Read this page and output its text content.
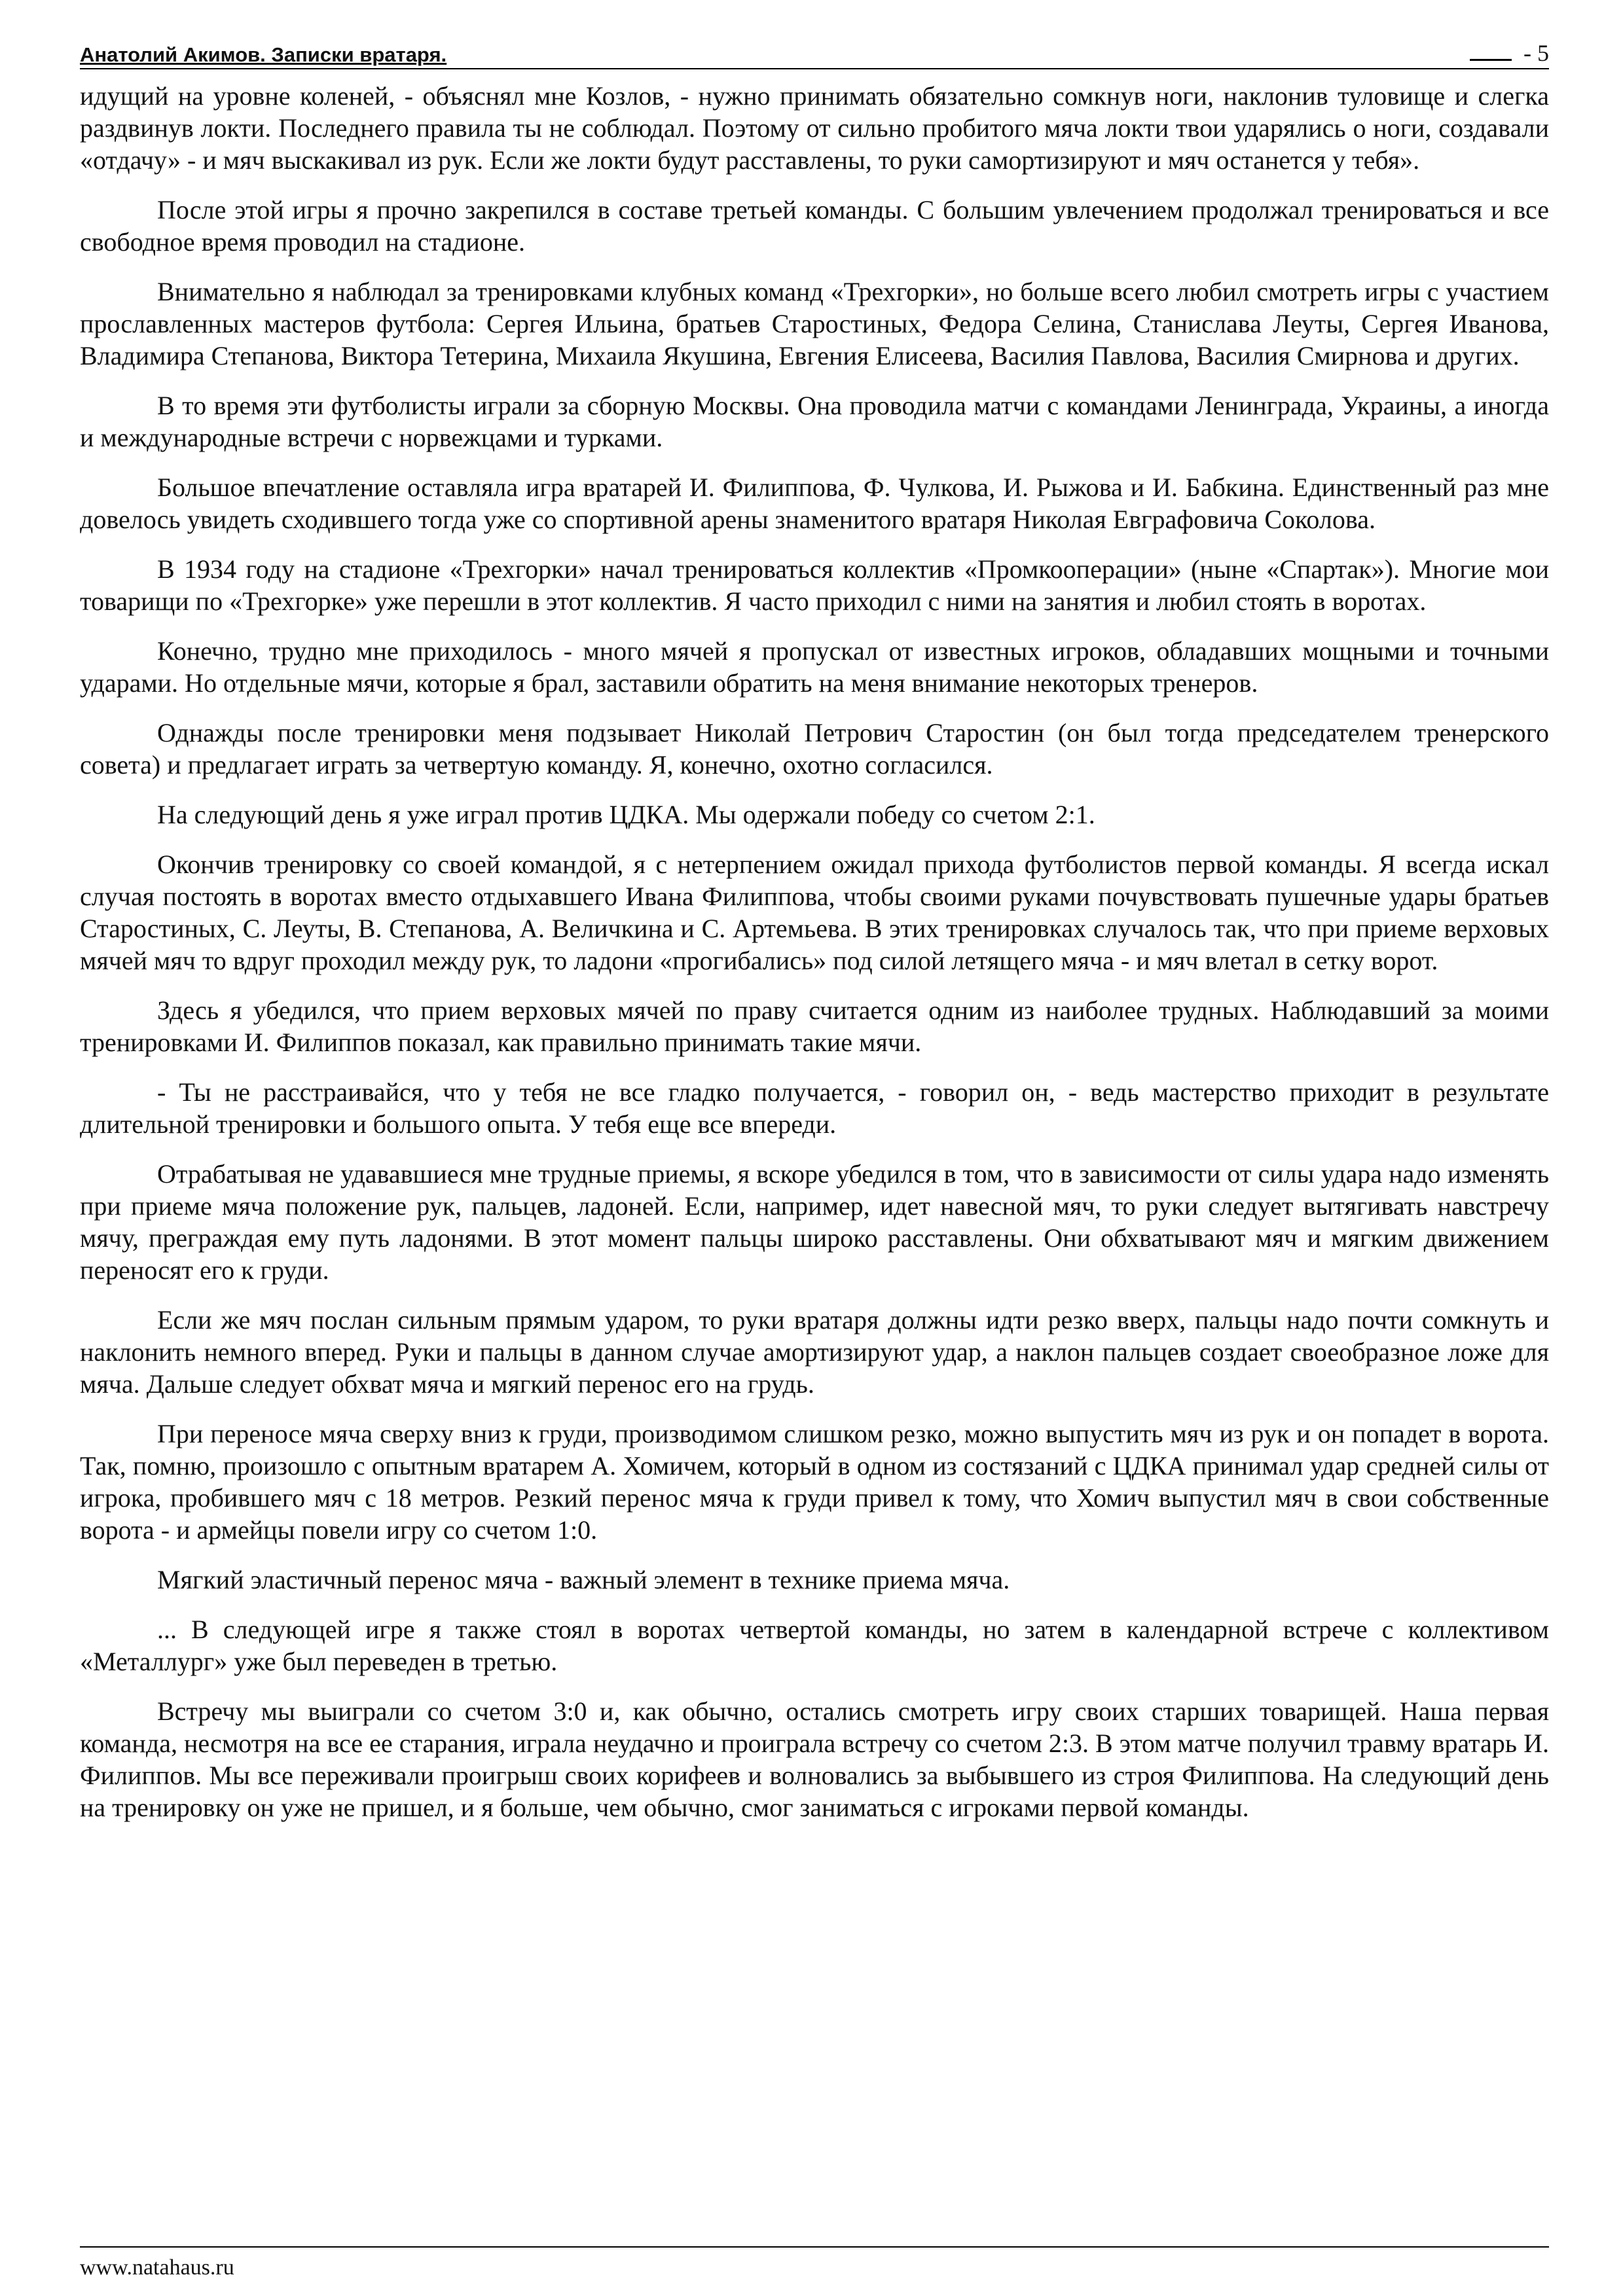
Анатолий Акимов. Записки вратаря.	- 5

идущий на уровне коленей, - объяснял мне Козлов, - нужно принимать обязательно сомкнув ноги, наклонив туловище и слегка раздвинув локти. Последнего правила ты не соблюдал. Поэтому от сильно пробитого мяча локти твои ударялись о ноги, создавали «отдачу» - и мяч выскакивал из рук. Если же локти будут расставлены, то руки самортизируют и мяч останется у тебя».

После этой игры я прочно закрепился в составе третьей команды. С большим увлечением продолжал тренироваться и все свободное время проводил на стадионе.

Внимательно я наблюдал за тренировками клубных команд «Трехгорки», но больше всего любил смотреть игры с участием прославленных мастеров футбола: Сергея Ильина, братьев Старостиных, Федора Селина, Станислава Леуты, Сергея Иванова, Владимира Степанова, Виктора Тетерина, Михаила Якушина, Евгения Елисеева, Василия Павлова, Василия Смирнова и других.

В то время эти футболисты играли за сборную Москвы. Она проводила матчи с командами Ленинграда, Украины, а иногда и международные встречи с норвежцами и турками.

Большое впечатление оставляла игра вратарей И. Филиппова, Ф. Чулкова, И. Рыжова и И. Бабкина. Единственный раз мне довелось увидеть сходившего тогда уже со спортивной арены знаменитого вратаря Николая Евграфовича Соколова.

В 1934 году на стадионе «Трехгорки» начал тренироваться коллектив «Промкооперации» (ныне «Спартак»). Многие мои товарищи по «Трехгорке» уже перешли в этот коллектив. Я часто приходил с ними на занятия и любил стоять в воротах.

Конечно, трудно мне приходилось - много мячей я пропускал от известных игроков, обладавших мощными и точными ударами. Но отдельные мячи, которые я брал, заставили обратить на меня внимание некоторых тренеров.

Однажды после тренировки меня подзывает Николай Петрович Старостин (он был тогда председателем тренерского совета) и предлагает играть за четвертую команду. Я, конечно, охотно согласился.

На следующий день я уже играл против ЦДКА. Мы одержали победу со счетом 2:1.

Окончив тренировку со своей командой, я с нетерпением ожидал прихода футболистов первой команды. Я всегда искал случая постоять в воротах вместо отдыхавшего Ивана Филиппова, чтобы своими руками почувствовать пушечные удары братьев Старостиных, С. Леуты, В. Степанова, А. Величкина и С. Артемьева. В этих тренировках случалось так, что при приеме верховых мячей мяч то вдруг проходил между рук, то ладони «прогибались» под силой летящего мяча - и мяч влетал в сетку ворот.

Здесь я убедился, что прием верховых мячей по праву считается одним из наиболее трудных. Наблюдавший за моими тренировками И. Филиппов показал, как правильно принимать такие мячи.

- Ты не расстраивайся, что у тебя не все гладко получается, - говорил он, - ведь мастерство приходит в результате длительной тренировки и большого опыта. У тебя еще все впереди.

Отрабатывая не удававшиеся мне трудные приемы, я вскоре убедился в том, что в зависимости от силы удара надо изменять при приеме мяча положение рук, пальцев, ладоней. Если, например, идет навесной мяч, то руки следует вытягивать навстречу мячу, преграждая ему путь ладонями. В этот момент пальцы широко расставлены. Они обхватывают мяч и мягким движением переносят его к груди.

Если же мяч послан сильным прямым ударом, то руки вратаря должны идти резко вверх, пальцы надо почти сомкнуть и наклонить немного вперед. Руки и пальцы в данном случае амортизируют удар, а наклон пальцев создает своеобразное ложе для мяча. Дальше следует обхват мяча и мягкий перенос его на грудь.

При переносе мяча сверху вниз к груди, производимом слишком резко, можно выпустить мяч из рук и он попадет в ворота. Так, помню, произошло с опытным вратарем А. Хомичем, который в одном из состязаний с ЦДКА принимал удар средней силы от игрока, пробившего мяч с 18 метров. Резкий перенос мяча к груди привел к тому, что Хомич выпустил мяч в свои собственные ворота - и армейцы повели игру со счетом 1:0.

Мягкий эластичный перенос мяча - важный элемент в технике приема мяча.

... В следующей игре я также стоял в воротах четвертой команды, но затем в календарной встрече с коллективом «Металлург» уже был переведен в третью.

Встречу мы выиграли со счетом 3:0 и, как обычно, остались смотреть игру своих старших товарищей. Наша первая команда, несмотря на все ее старания, играла неудачно и проиграла встречу со счетом 2:3. В этом матче получил травму вратарь И. Филиппов. Мы все переживали проигрыш своих корифеев и волновались за выбывшего из строя Филиппова. На следующий день на тренировку он уже не пришел, и я больше, чем обычно, смог заниматься с игроками первой команды.

www.natahaus.ru
